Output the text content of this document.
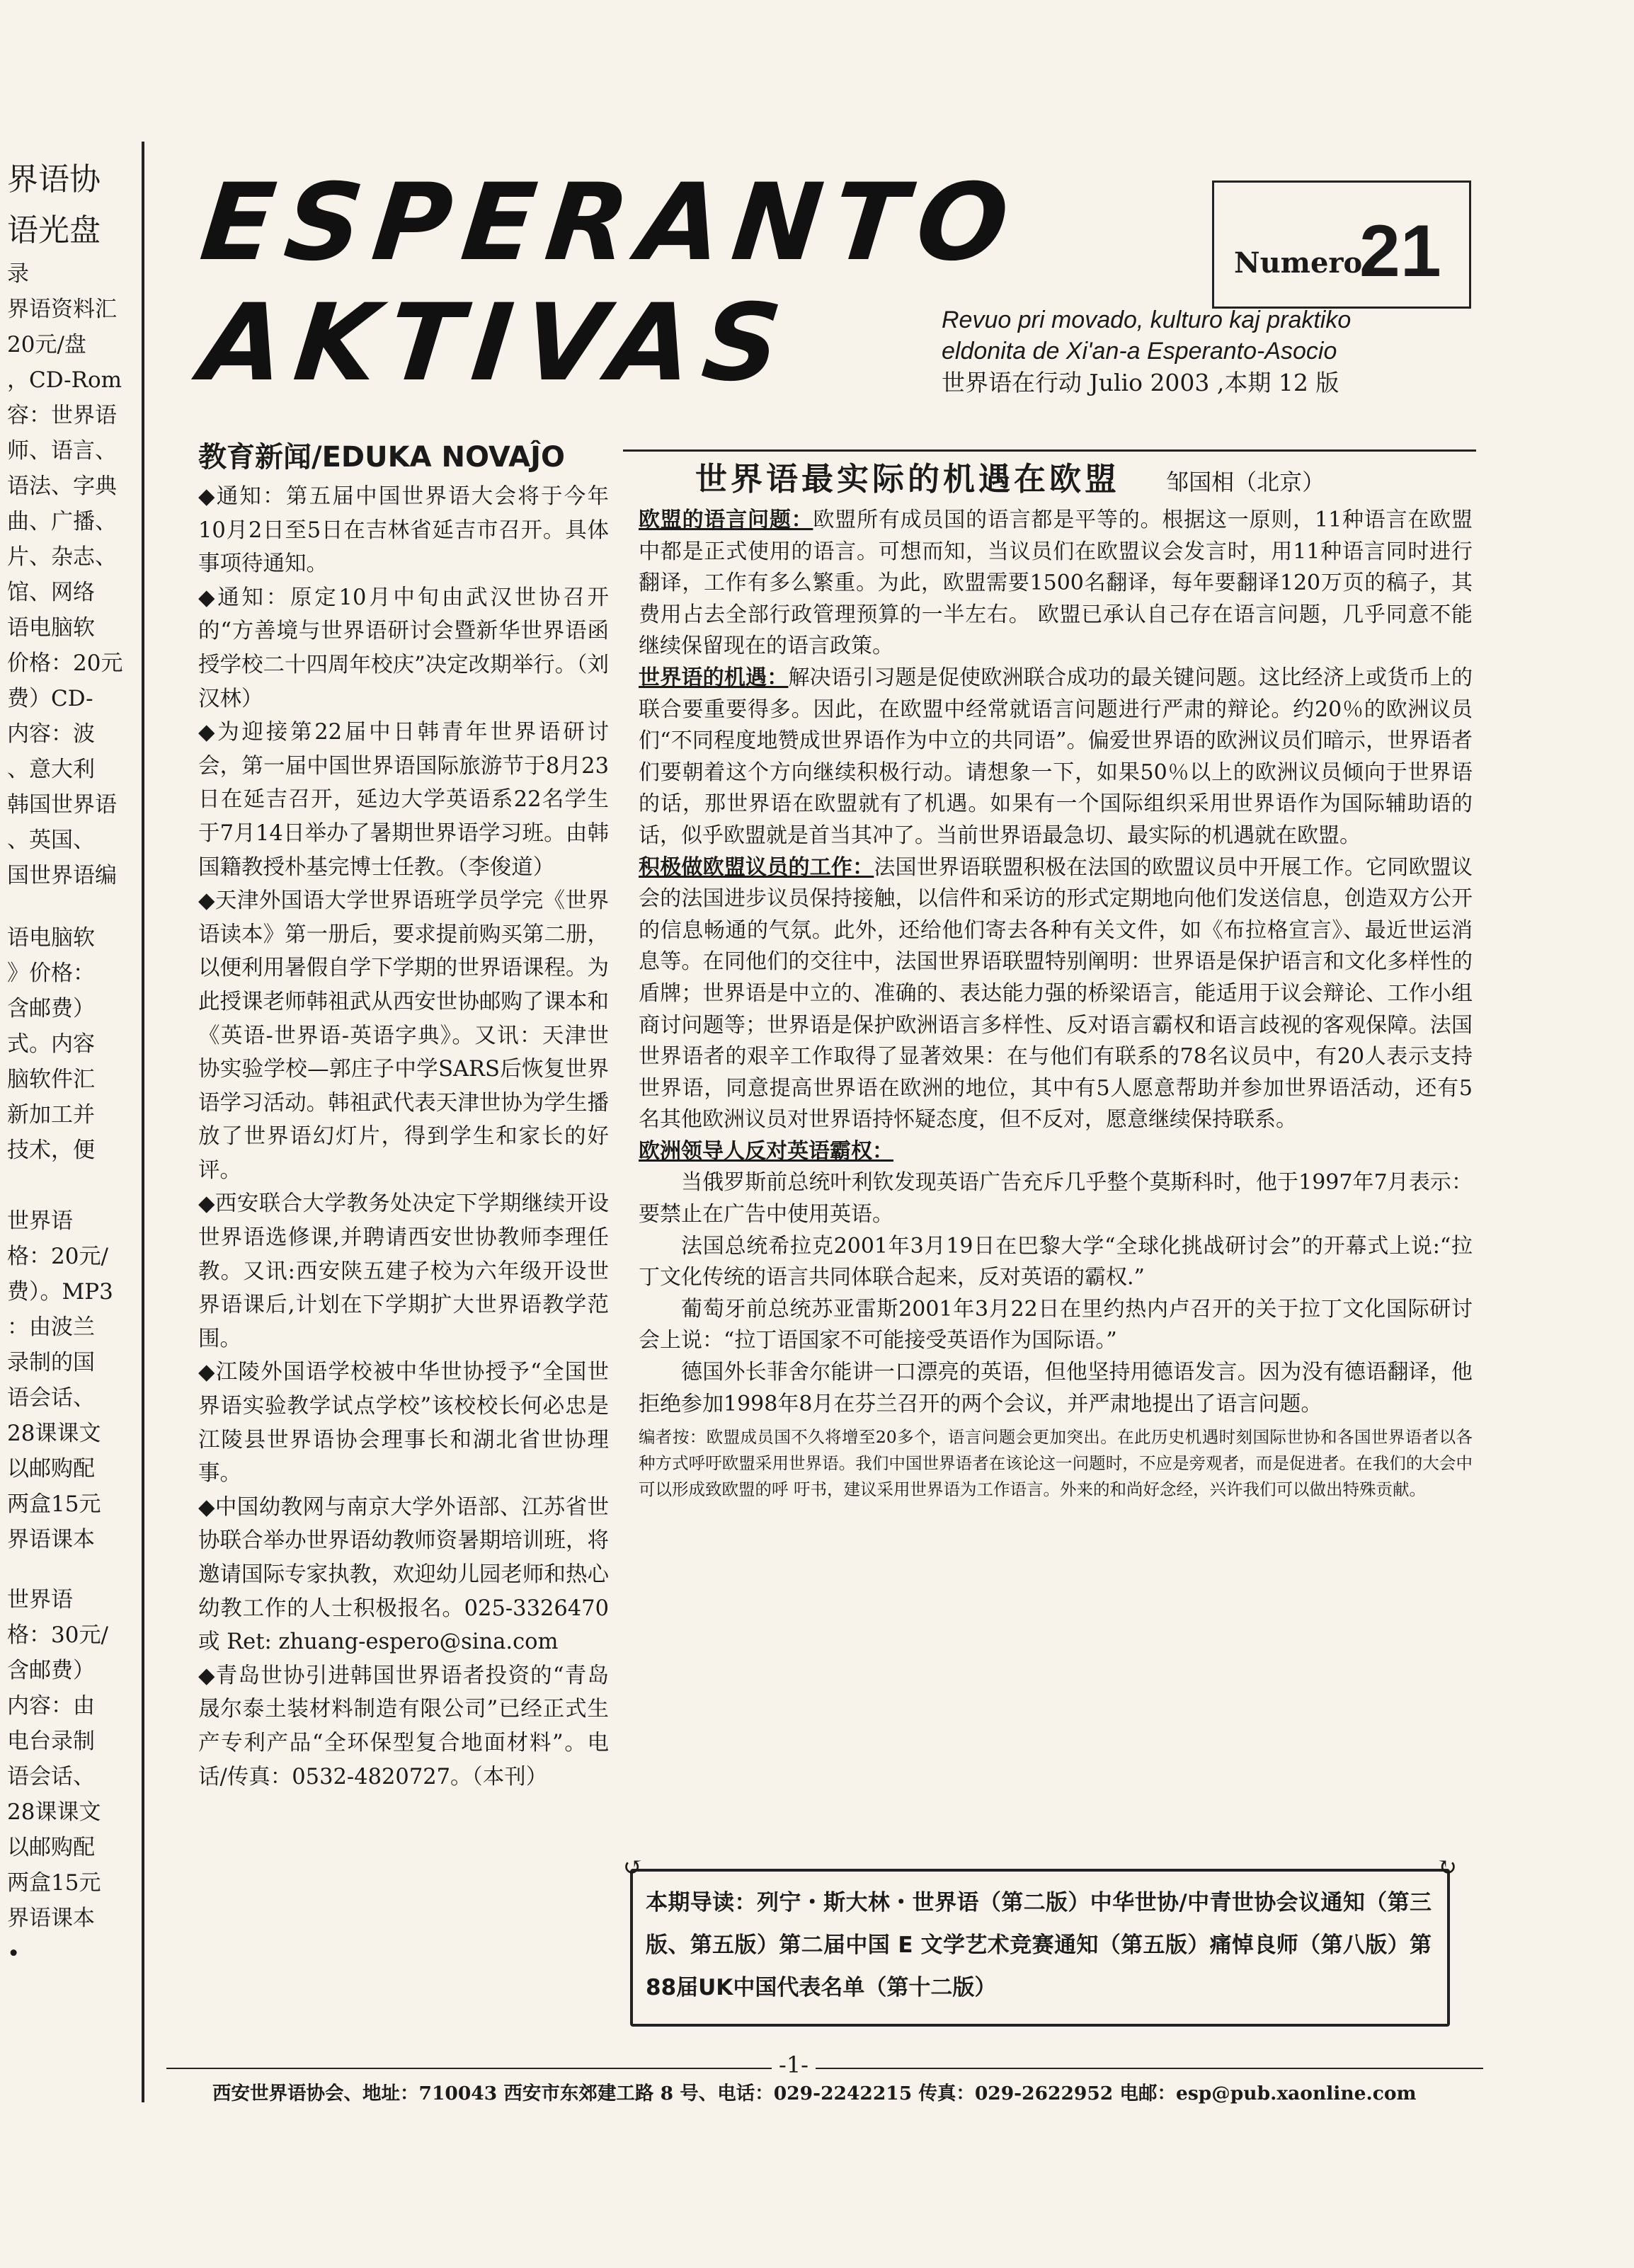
界语协
语光盘
录
界语资料汇
20元/盘
，CD-Rom
容：世界语
师、语言、
语法、字典
曲、广播、
片、杂志、
馆、网络
语电脑软
价格：20元
费）CD-
内容：波
、意大利
韩国世界语
、英国、
国世界语编
语电脑软
》价格：
含邮费）
式。内容
脑软件汇
新加工并
技术，便
世界语
格：20元/
费）。MP3
：由波兰
录制的国
语会话、
28课课文
以邮购配
两盒15元
界语课本
世界语
格：30元/
含邮费）
内容：由
电台录制
语会话、
28课课文
以邮购配
两盒15元
界语课本
•
ESPERANTO
AKTIVAS
Numero
21
Revuo pri movado, kulturo kaj praktiko
eldonita de Xi'an-a Esperanto-Asocio
世界语在行动 Julio 2003 ,本期 12 版
教育新闻/EDUKA NOVAĴO

◆通知：第五届中国世界语大会将于今年10月2日至5日在吉林省延吉市召开。具体事项待通知。

◆通知：原定10月中旬由武汉世协召开的“方善境与世界语研讨会暨新华世界语函授学校二十四周年校庆”决定改期举行。（刘汉林）

◆为迎接第22届中日韩青年世界语研讨会，第一届中国世界语国际旅游节于8月23日在延吉召开，延边大学英语系22名学生于7月14日举办了暑期世界语学习班。由韩国籍教授朴基完博士任教。（李俊道）

◆天津外国语大学世界语班学员学完《世界语读本》第一册后，要求提前购买第二册，以便利用暑假自学下学期的世界语课程。为此授课老师韩祖武从西安世协邮购了课本和《英语-世界语-英语字典》。又讯：天津世协实验学校—郭庄子中学SARS后恢复世界语学习活动。韩祖武代表天津世协为学生播放了世界语幻灯片，得到学生和家长的好评。

◆西安联合大学教务处决定下学期继续开设世界语选修课,并聘请西安世协教师李理任教。又讯:西安陕五建子校为六年级开设世界语课后,计划在下学期扩大世界语教学范围。

◆江陵外国语学校被中华世协授予“全国世界语实验教学试点学校”该校校长何必忠是江陵县世界语协会理事长和湖北省世协理事。

◆中国幼教网与南京大学外语部、江苏省世协联合举办世界语幼教师资暑期培训班，将邀请国际专家执教，欢迎幼儿园老师和热心幼教工作的人士积极报名。025-3326470 或 Ret: zhuang-espero@sina.com

◆青岛世协引进韩国世界语者投资的“青岛晟尔泰土装材料制造有限公司”已经正式生产专利产品“全环保型复合地面材料”。电话/传真：0532-4820727。（本刊）

世界语最实际的机遇在欧盟 邹国相（北京）

欧盟的语言问题：欧盟所有成员国的语言都是平等的。根据这一原则，11种语言在欧盟中都是正式使用的语言。可想而知，当议员们在欧盟议会发言时，用11种语言同时进行翻译，工作有多么繁重。为此，欧盟需要1500名翻译，每年要翻译120万页的稿子，其费用占去全部行政管理预算的一半左右。 欧盟已承认自己存在语言问题，几乎同意不能继续保留现在的语言政策。

世界语的机遇：解决语引习题是促使欧洲联合成功的最关键问题。这比经济上或货币上的联合要重要得多。因此，在欧盟中经常就语言问题进行严肃的辩论。约20％的欧洲议员们“不同程度地赞成世界语作为中立的共同语”。偏爱世界语的欧洲议员们暗示，世界语者们要朝着这个方向继续积极行动。请想象一下，如果50％以上的欧洲议员倾向于世界语的话，那世界语在欧盟就有了机遇。如果有一个国际组织采用世界语作为国际辅助语的话，似乎欧盟就是首当其冲了。当前世界语最急切、最实际的机遇就在欧盟。

积极做欧盟议员的工作：法国世界语联盟积极在法国的欧盟议员中开展工作。它同欧盟议会的法国进步议员保持接触，以信件和采访的形式定期地向他们发送信息，创造双方公开的信息畅通的气氛。此外，还给他们寄去各种有关文件，如《布拉格宣言》、最近世运消息等。在同他们的交往中，法国世界语联盟特别阐明：世界语是保护语言和文化多样性的盾牌；世界语是中立的、准确的、表达能力强的桥梁语言，能适用于议会辩论、工作小组商讨问题等；世界语是保护欧洲语言多样性、反对语言霸权和语言歧视的客观保障。法国世界语者的艰辛工作取得了显著效果：在与他们有联系的78名议员中，有20人表示支持世界语，同意提高世界语在欧洲的地位，其中有5人愿意帮助并参加世界语活动，还有5名其他欧洲议员对世界语持怀疑态度，但不反对，愿意继续保持联系。

欧洲领导人反对英语霸权：

当俄罗斯前总统叶利钦发现英语广告充斥几乎整个莫斯科时，他于1997年7月表示：要禁止在广告中使用英语。

法国总统希拉克2001年3月19日在巴黎大学“全球化挑战研讨会”的开幕式上说:“拉丁文化传统的语言共同体联合起来，反对英语的霸权.”

葡萄牙前总统苏亚雷斯2001年3月22日在里约热内卢召开的关于拉丁文化国际研讨会上说：“拉丁语国家不可能接受英语作为国际语。”

德国外长菲舍尔能讲一口漂亮的英语，但他坚持用德语发言。因为没有德语翻译，他拒绝参加1998年8月在芬兰召开的两个会议，并严肃地提出了语言问题。

编者按：欧盟成员国不久将增至20多个，语言问题会更加突出。在此历史机遇时刻国际世协和各国世界语者以各种方式呼吁欧盟采用世界语。我们中国世界语者在该论这一问题时，不应是旁观者，而是促进者。在我们的大会中可以形成致欧盟的呼 吁书，建议采用世界语为工作语言。外来的和尚好念经，兴许我们可以做出特殊贡献。
↺	↻
本期导读：列宁・斯大林・世界语（第二版）中华世协/中青世协会议通知（第三版、第五版）第二届中国 E 文学艺术竞赛通知（第五版）痛悼良师（第八版）第88届UK中国代表名单（第十二版）
-1-
西安世界语协会、地址：710043 西安市东郊建工路 8 号、电话：029-2242215 传真：029-2622952 电邮：esp@pub.xaonline.com
